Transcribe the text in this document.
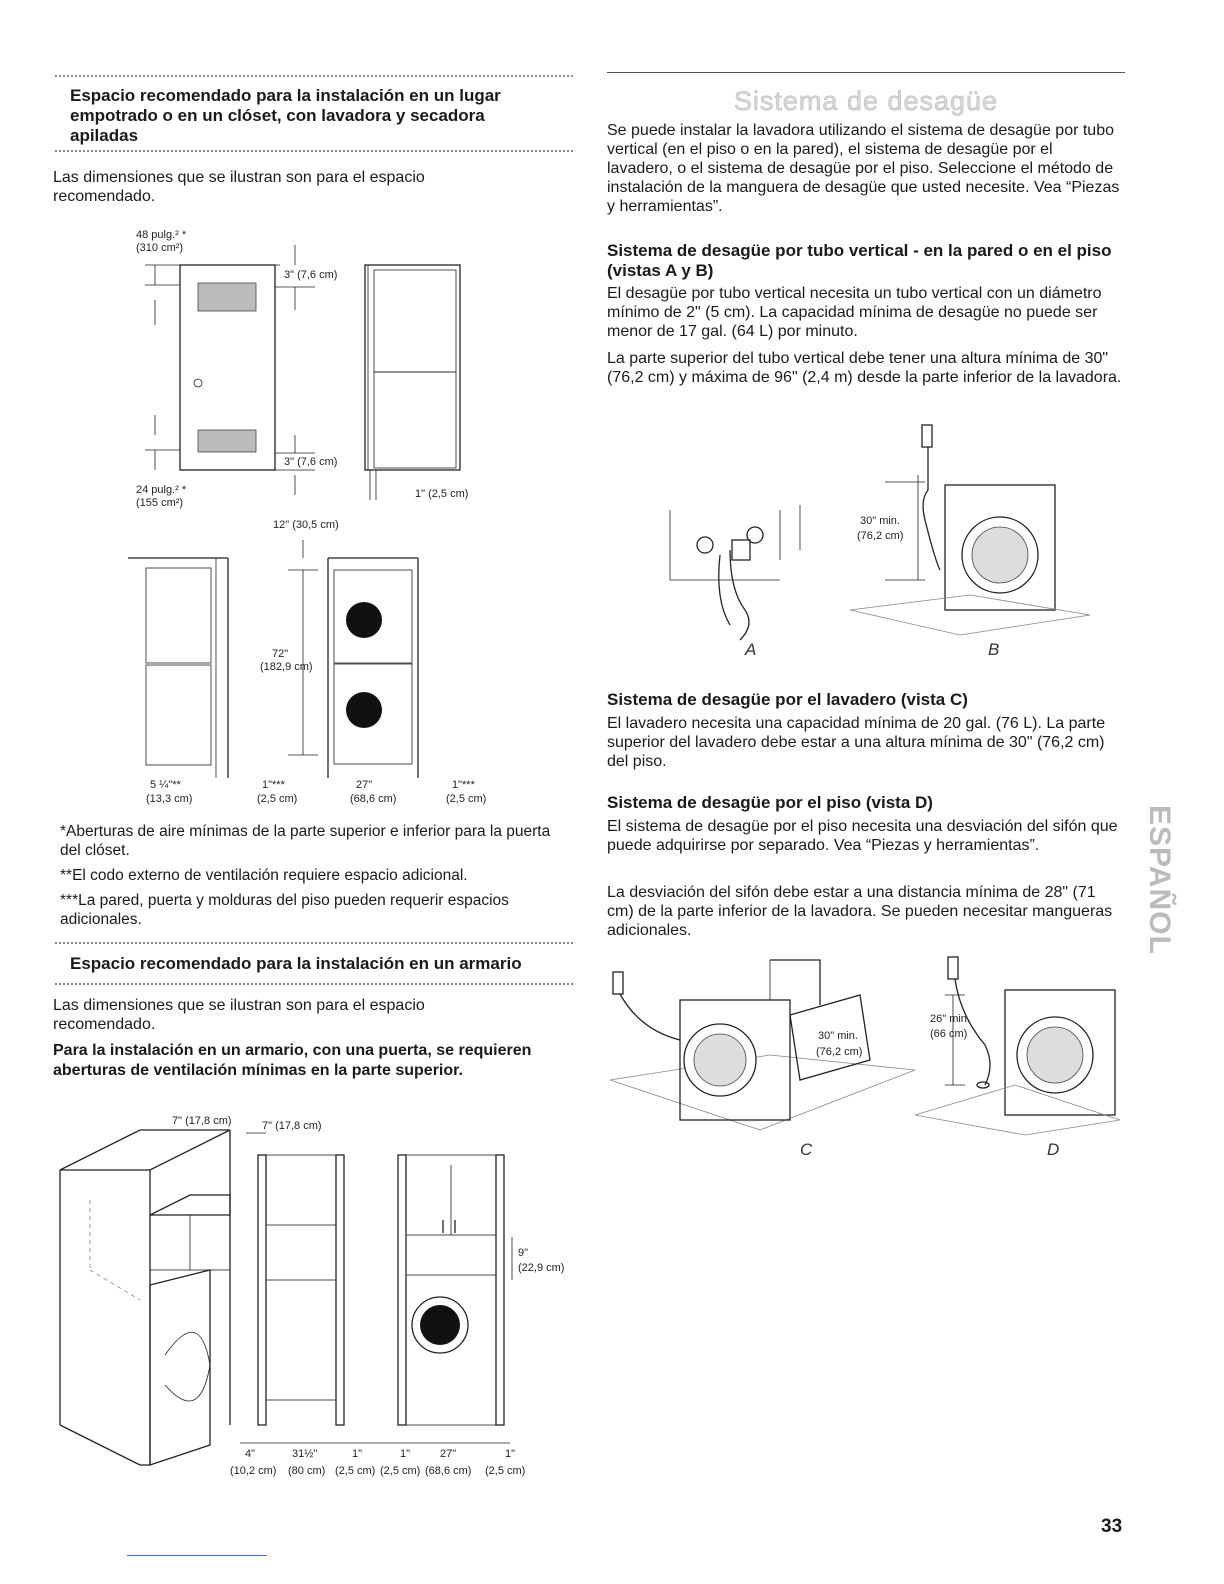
Espacio recomendado para la instalación en un lugar empotrado o en un clóset, con lavadora y secadora apiladas
Las dimensiones que se ilustran son para el espacio recomendado.
48 pulg.² *
(310 cm²)
3" (7,6 cm)
3" (7,6 cm)
24 pulg.² *
(155 cm²)
1" (2,5 cm)
12" (30,5 cm)
72"
(182,9 cm)
5 ¼"**
(13,3 cm)
1"***
(2,5 cm)
27"
(68,6 cm)
1"***
(2,5 cm)
*Aberturas de aire mínimas de la parte superior e inferior para la puerta del clóset.
**El codo externo de ventilación requiere espacio adicional.
***La pared, puerta y molduras del piso pueden requerir espacios adicionales.
Espacio recomendado para la instalación en un armario
Las dimensiones que se ilustran son para el espacio recomendado.
Para la instalación en un armario, con una puerta, se requieren aberturas de ventilación mínimas en la parte superior.
7" (17,8 cm)	7" (17,8 cm)
9"
(22,9 cm)
4"	31½"	1"	1"	27"	1"
(10,2 cm) (80 cm) (2,5 cm) (2,5 cm) (68,6 cm) (2,5 cm)
Sistema de desagüe
Se puede instalar la lavadora utilizando el sistema de desagüe por tubo vertical (en el piso o en la pared), el sistema de desagüe por el lavadero, o el sistema de desagüe por el piso. Seleccione el método de instalación de la manguera de desagüe que usted necesite. Vea “Piezas y herramientas”.
Sistema de desagüe por tubo vertical - en la pared o en el piso (vistas A y B)
El desagüe por tubo vertical necesita un tubo vertical con un diámetro mínimo de 2" (5 cm). La capacidad mínima de desagüe no puede ser menor de 17 gal. (64 L) por minuto.
La parte superior del tubo vertical debe tener una altura mínima de 30" (76,2 cm) y máxima de 96" (2,4 m) desde la parte inferior de la lavadora.
30" min.
(76,2 cm)
A	B
Sistema de desagüe por el lavadero (vista C)
El lavadero necesita una capacidad mínima de 20 gal. (76 L). La parte superior del lavadero debe estar a una altura mínima de 30" (76,2 cm) del piso.
Sistema de desagüe por el piso (vista D)
El sistema de desagüe por el piso necesita una desviación del sifón que puede adquirirse por separado. Vea “Piezas y herramientas”.
La desviación del sifón debe estar a una distancia mínima de 28" (71 cm) de la parte inferior de la lavadora. Se pueden necesitar mangueras adicionales.
30" min.
(76,2 cm)
26" min.
(66 cm)
C	D
ESPAÑOL
33
